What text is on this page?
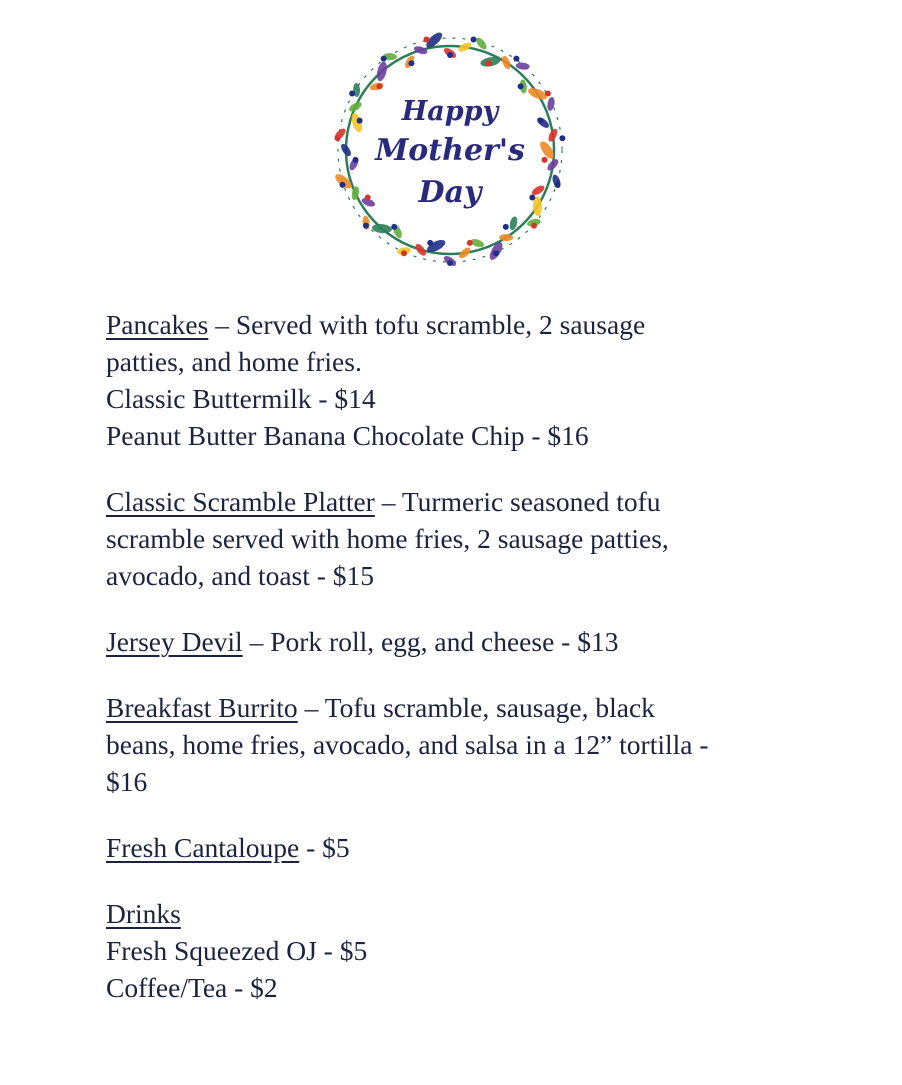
Happy
Mother's
Day
Pancakes – Served with tofu scramble, 2 sausage
patties, and home fries.
Classic Buttermilk - $14
Peanut Butter Banana Chocolate Chip - $16
Classic Scramble Platter – Turmeric seasoned tofu
scramble served with home fries, 2 sausage patties,
avocado, and toast - $15
Jersey Devil – Pork roll, egg, and cheese - $13
Breakfast Burrito – Tofu scramble, sausage, black
beans, home fries, avocado, and salsa in a 12” tortilla -
$16
Fresh Cantaloupe - $5
Drinks
Fresh Squeezed OJ - $5
Coffee/Tea - $2
